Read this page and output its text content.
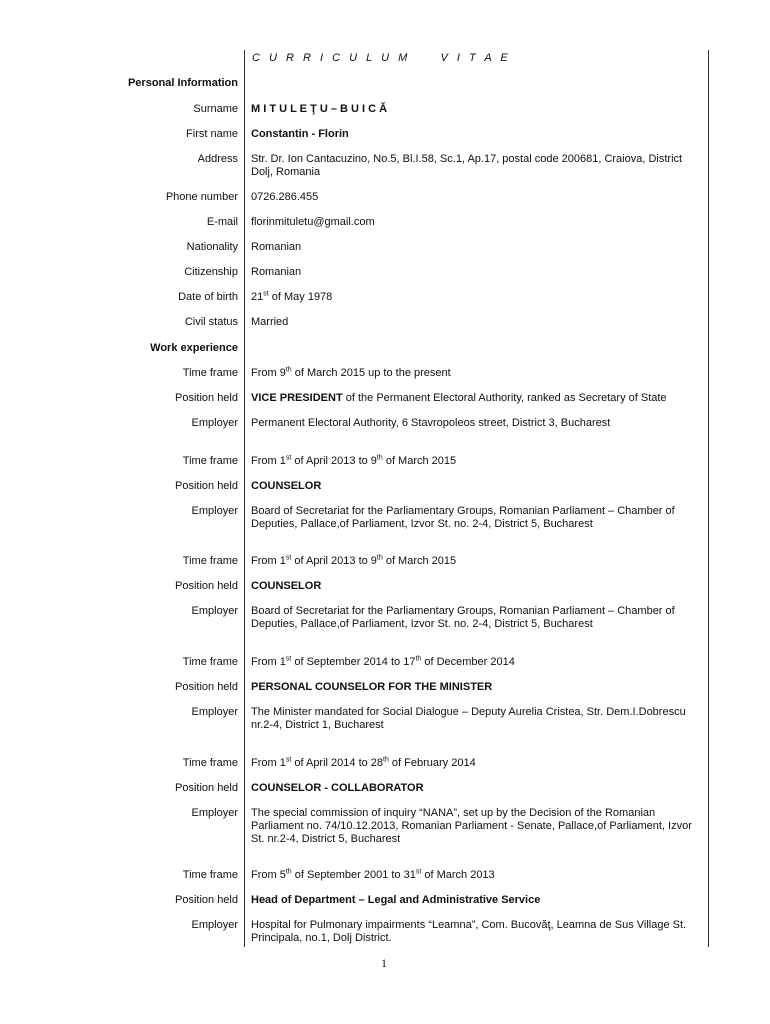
C U R R I C U L U M     V I T A E
Personal Information
Surname M I T U L E Ţ U – B U I C Ă
First name Constantin - Florin
Address Str. Dr. Ion Cantacuzino, No.5, Bl.I.58, Sc.1, Ap.17, postal code 200681, Craiova, District Dolj, Romania
Phone number 0726.286.455
E-mail florinmituletu@gmail.com
Nationality Romanian
Citizenship Romanian
Date of birth 21st of May 1978
Civil status Married
Work experience
Time frame From 9th of March 2015 up to the present
Position held VICE PRESIDENT of the Permanent Electoral Authority, ranked as Secretary of State
Employer Permanent Electoral Authority, 6 Stavropoleos street, District 3, Bucharest
Time frame From 1st of April 2013 to 9th of March 2015
Position held COUNSELOR
Employer Board of Secretariat for the Parliamentary Groups, Romanian Parliament – Chamber of Deputies, Pallace,of Parliament, Izvor St. no. 2-4, District 5, Bucharest
Time frame From 1st of April 2013 to 9th of March 2015
Position held COUNSELOR
Employer Board of Secretariat for the Parliamentary Groups, Romanian Parliament – Chamber of Deputies, Pallace,of Parliament, Izvor St. no. 2-4, District 5, Bucharest
Time frame From 1st of September 2014 to 17th of December 2014
Position held PERSONAL COUNSELOR FOR THE MINISTER
Employer The Minister mandated for Social Dialogue – Deputy Aurelia Cristea, Str. Dem.I.Dobrescu nr.2-4, District 1, Bucharest
Time frame From 1st of April 2014 to 28th of February 2014
Position held COUNSELOR - COLLABORATOR
Employer The special commission of inquiry “NANA”, set up by the Decision of the Romanian Parliament no. 74/10.12.2013, Romanian Parliament - Senate, Pallace,of Parliament, Izvor St. nr.2-4, District 5, Bucharest
Time frame From 5th of September 2001 to 31st of March 2013
Position held Head of Department – Legal and Administrative Service
Employer Hospital for Pulmonary impairments “Leamna”, Com. Bucovăţ, Leamna de Sus Village St. Principala, no.1, Dolj District.
1
